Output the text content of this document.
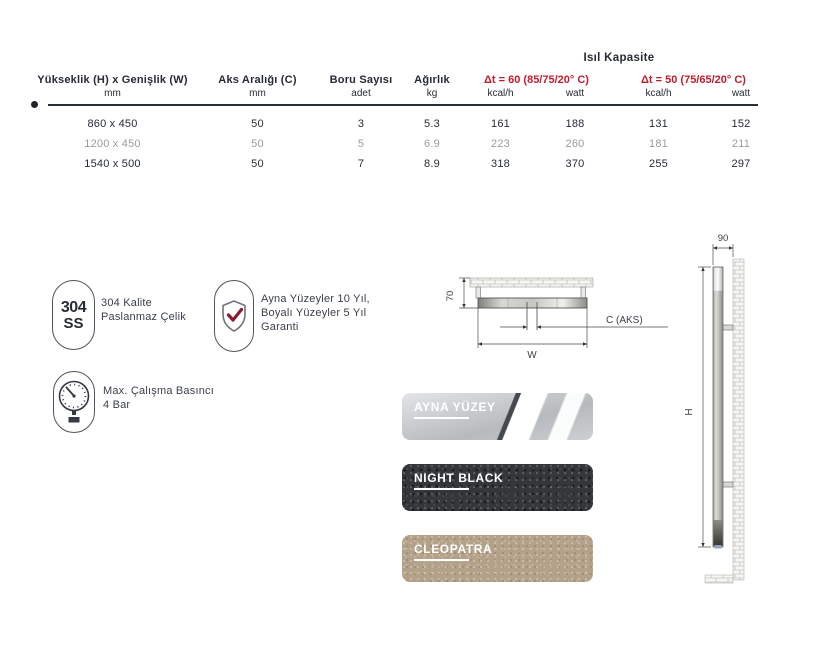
Isıl Kapasite
Yükseklik (H) x Genişlik (W)	Aks Aralığı (C)	Boru Sayısı	Ağırlık	Δt = 60 (85/75/20° C)	Δt = 50 (75/65/20° C)
mm	mm	adet	kg	kcal/h	watt	kcal/h	watt
860 x 450	50	3	5.3	161	188	131	152
1200 x 450	50	5	6.9	223	260	181	211
1540 x 500	50	7	8.9	318	370	255	297
304
SS
304 Kalite
Paslanmaz Çelik
Ayna Yüzeyler 10 Yıl,
Boyalı Yüzeyler 5 Yıl
Garanti
bar
Max. Çalışma Basıncı
4 Bar
70
C (AKS)
W
90
H
AYNA YÜZEY
NIGHT BLACK
CLEOPATRA
